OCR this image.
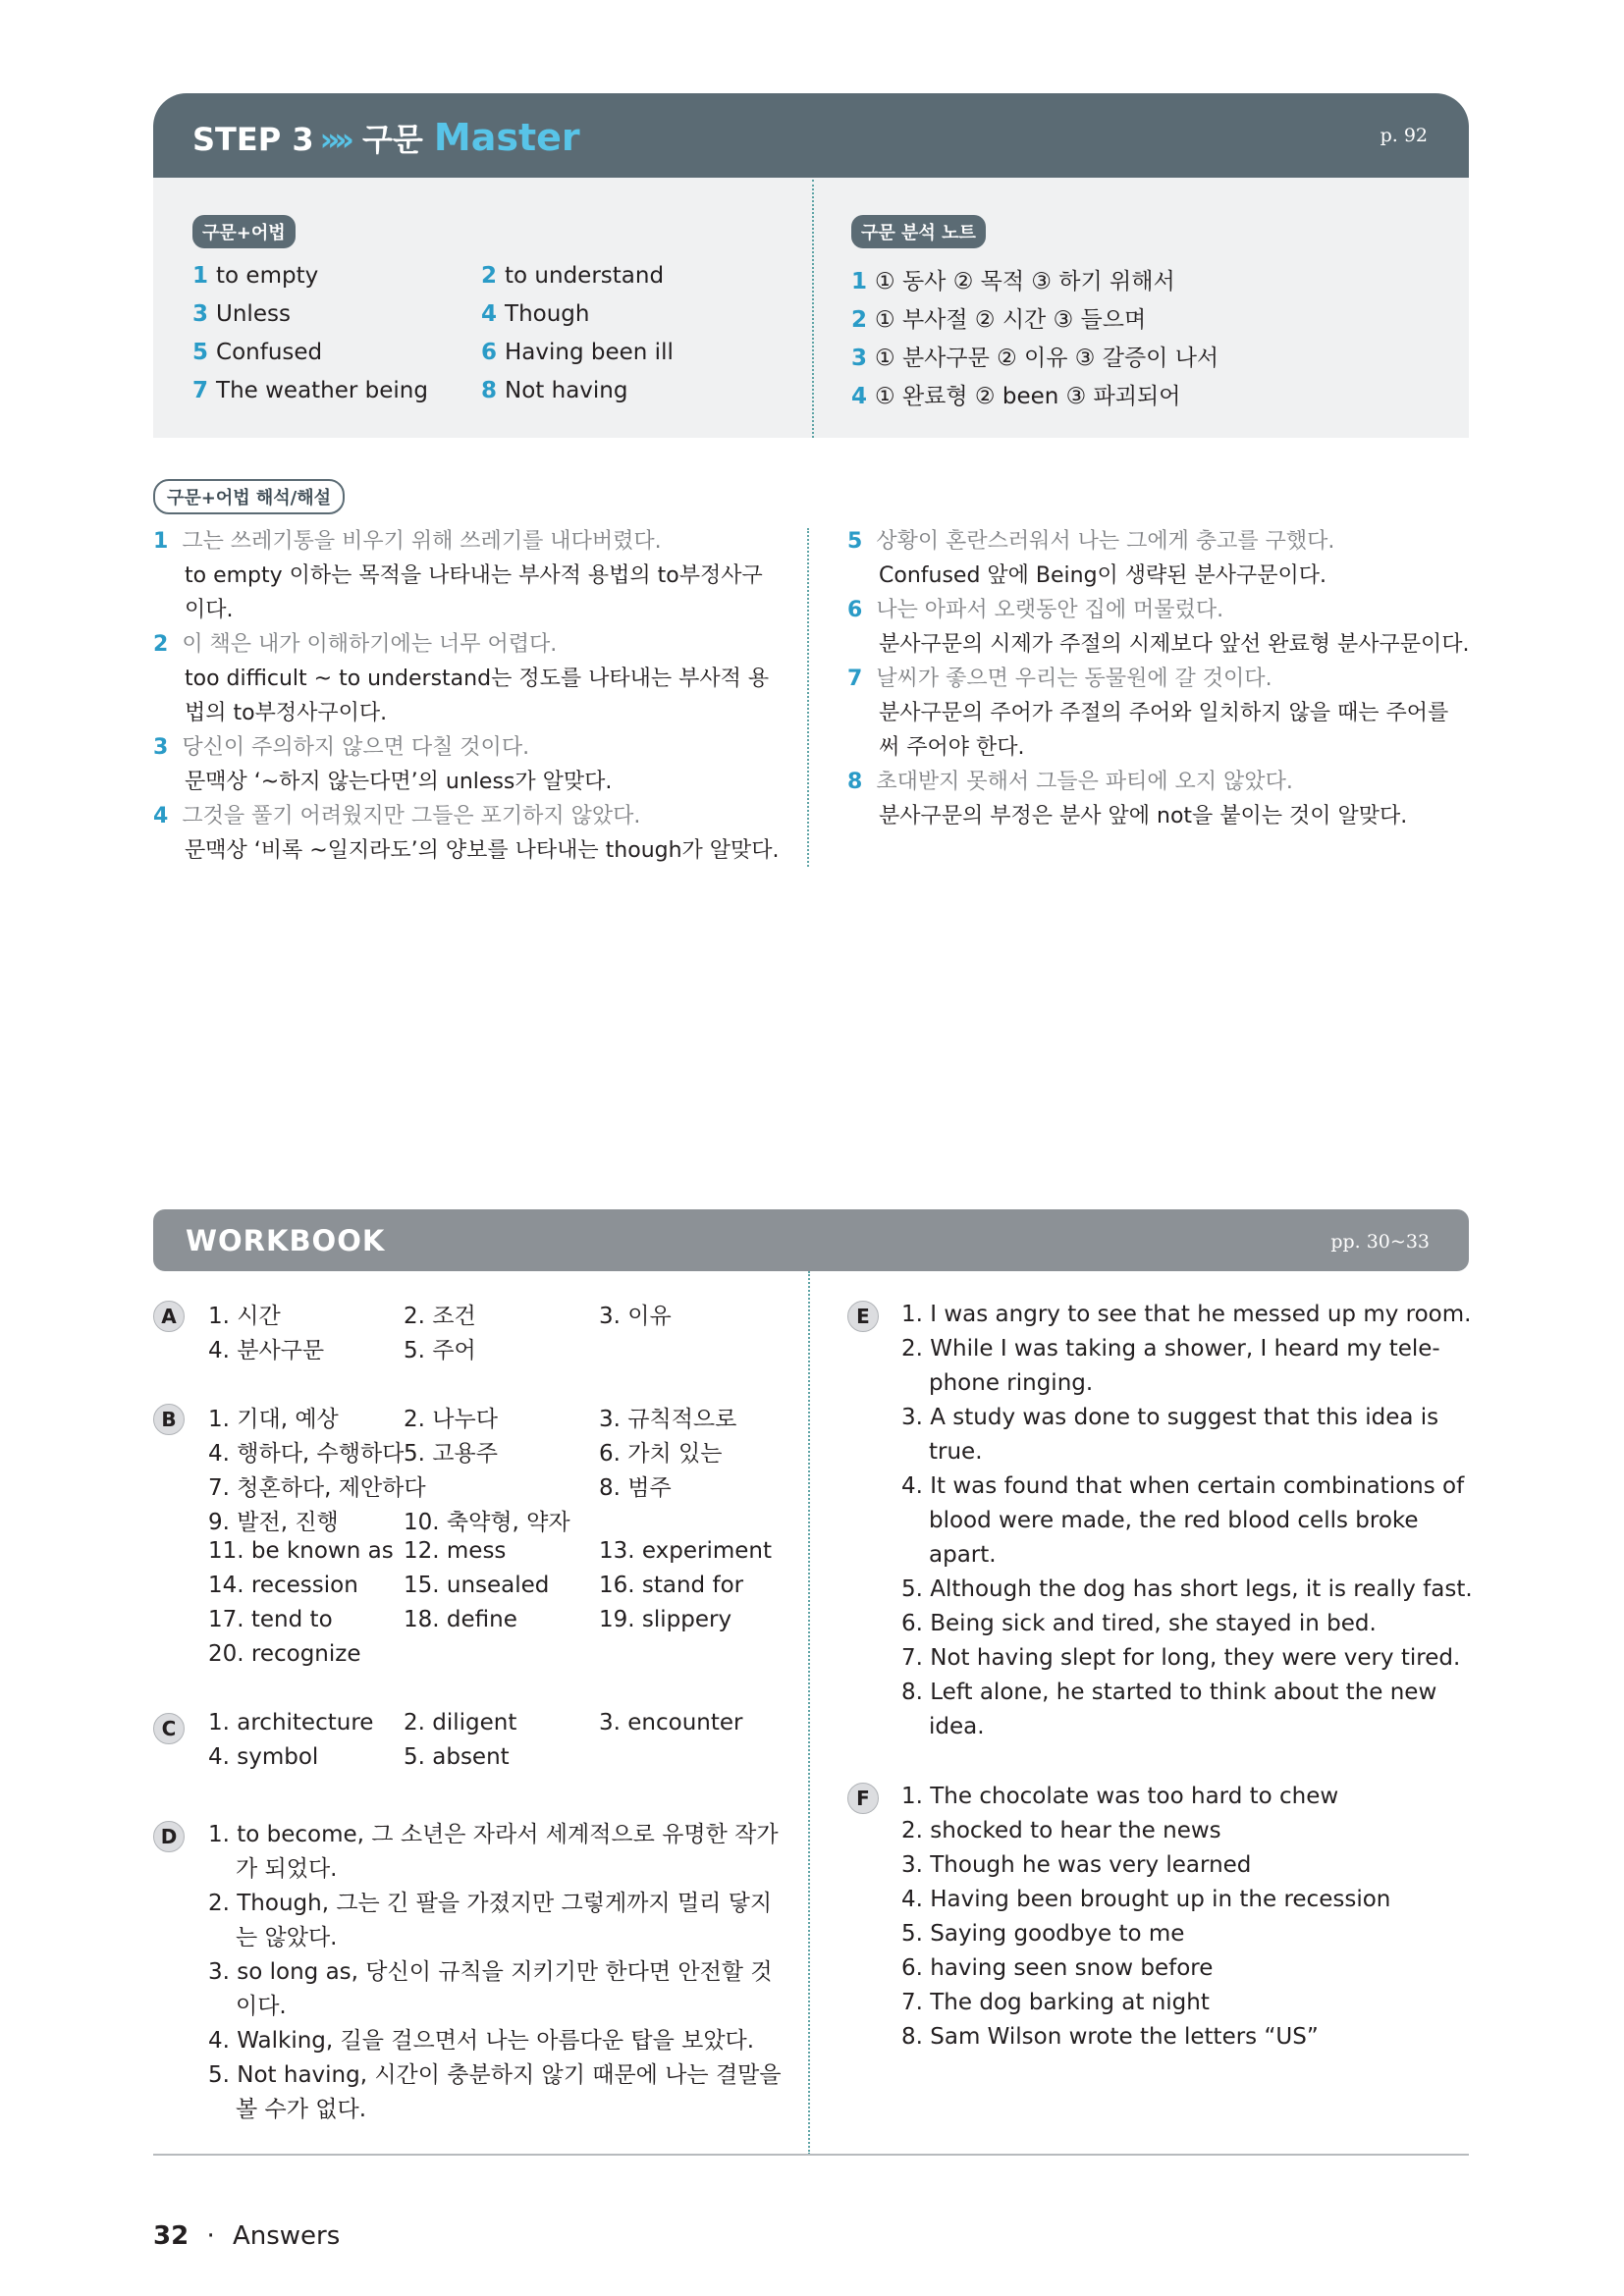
STEP 3 »» 구문 Master	p. 92
구문+어법
1 to empty	2 to understand
3 Unless	4 Though
5 Confused	6 Having been ill
7 The weather being 8 Not having
구문 분석 노트
1 ① 동사 ② 목적 ③ 하기 위해서
2 ① 부사절 ② 시간 ③ 들으며
3 ① 분사구문 ② 이유 ③ 갈증이 나서
4 ① 완료형 ② been ③ 파괴되어
구문+어법 해석/해설
1 그는 쓰레기통을 비우기 위해 쓰레기를 내다버렸다.
to empty 이하는 목적을 나타내는 부사적 용법의 to부정사구
이다.
2 이 책은 내가 이해하기에는 너무 어렵다.
too difficult ~ to understand는 정도를 나타내는 부사적 용
법의 to부정사구이다.
3 당신이 주의하지 않으면 다칠 것이다.
문맥상 ‘~하지 않는다면’의 unless가 알맞다.
4 그것을 풀기 어려웠지만 그들은 포기하지 않았다.
문맥상 ‘비록 ~일지라도’의 양보를 나타내는 though가 알맞다.
5 상황이 혼란스러워서 나는 그에게 충고를 구했다.
Confused 앞에 Being이 생략된 분사구문이다.
6 나는 아파서 오랫동안 집에 머물렀다.
분사구문의 시제가 주절의 시제보다 앞선 완료형 분사구문이다.
7 날씨가 좋으면 우리는 동물원에 갈 것이다.
분사구문의 주어가 주절의 주어와 일치하지 않을 때는 주어를
써 주어야 한다.
8 초대받지 못해서 그들은 파티에 오지 않았다.
분사구문의 부정은 분사 앞에 not을 붙이는 것이 알맞다.
WORKBOOK	pp. 30~33
A	1. 시간	2. 조건	3. 이유
4. 분사구문	5. 주어
B	1. 기대, 예상	2. 나누다	3. 규칙적으로
4. 행하다, 수행하다 5. 고용주	6. 가치 있는
7. 청혼하다, 제안하다	8. 범주
9. 발전, 진행	10. 축약형, 약자
11. be known as 12. mess	13. experiment
14. recession 15. unsealed 16. stand for
17. tend to	18. define	19. slippery
20. recognize
C	1. architecture 2. diligent	3. encounter
4. symbol	5. absent
D	1. to become, 그 소년은 자라서 세계적으로 유명한 작가
가 되었다.
2. Though, 그는 긴 팔을 가졌지만 그렇게까지 멀리 닿지
는 않았다.
3. so long as, 당신이 규칙을 지키기만 한다면 안전할 것
이다.
4. Walking, 길을 걸으면서 나는 아름다운 탑을 보았다.
5. Not having, 시간이 충분하지 않기 때문에 나는 결말을
볼 수가 없다.
E	1. I was angry to see that he messed up my room.
2. While I was taking a shower, I heard my tele-
phone ringing.
3. A study was done to suggest that this idea is
true.
4. It was found that when certain combinations of
blood were made, the red blood cells broke
apart.
5. Although the dog has short legs, it is really fast.
6. Being sick and tired, she stayed in bed.
7. Not having slept for long, they were very tired.
8. Left alone, he started to think about the new
idea.
F	1. The chocolate was too hard to chew
2. shocked to hear the news
3. Though he was very learned
4. Having been brought up in the recession
5. Saying goodbye to me
6. having seen snow before
7. The dog barking at night
8. Sam Wilson wrote the letters “US”
32 · Answers
